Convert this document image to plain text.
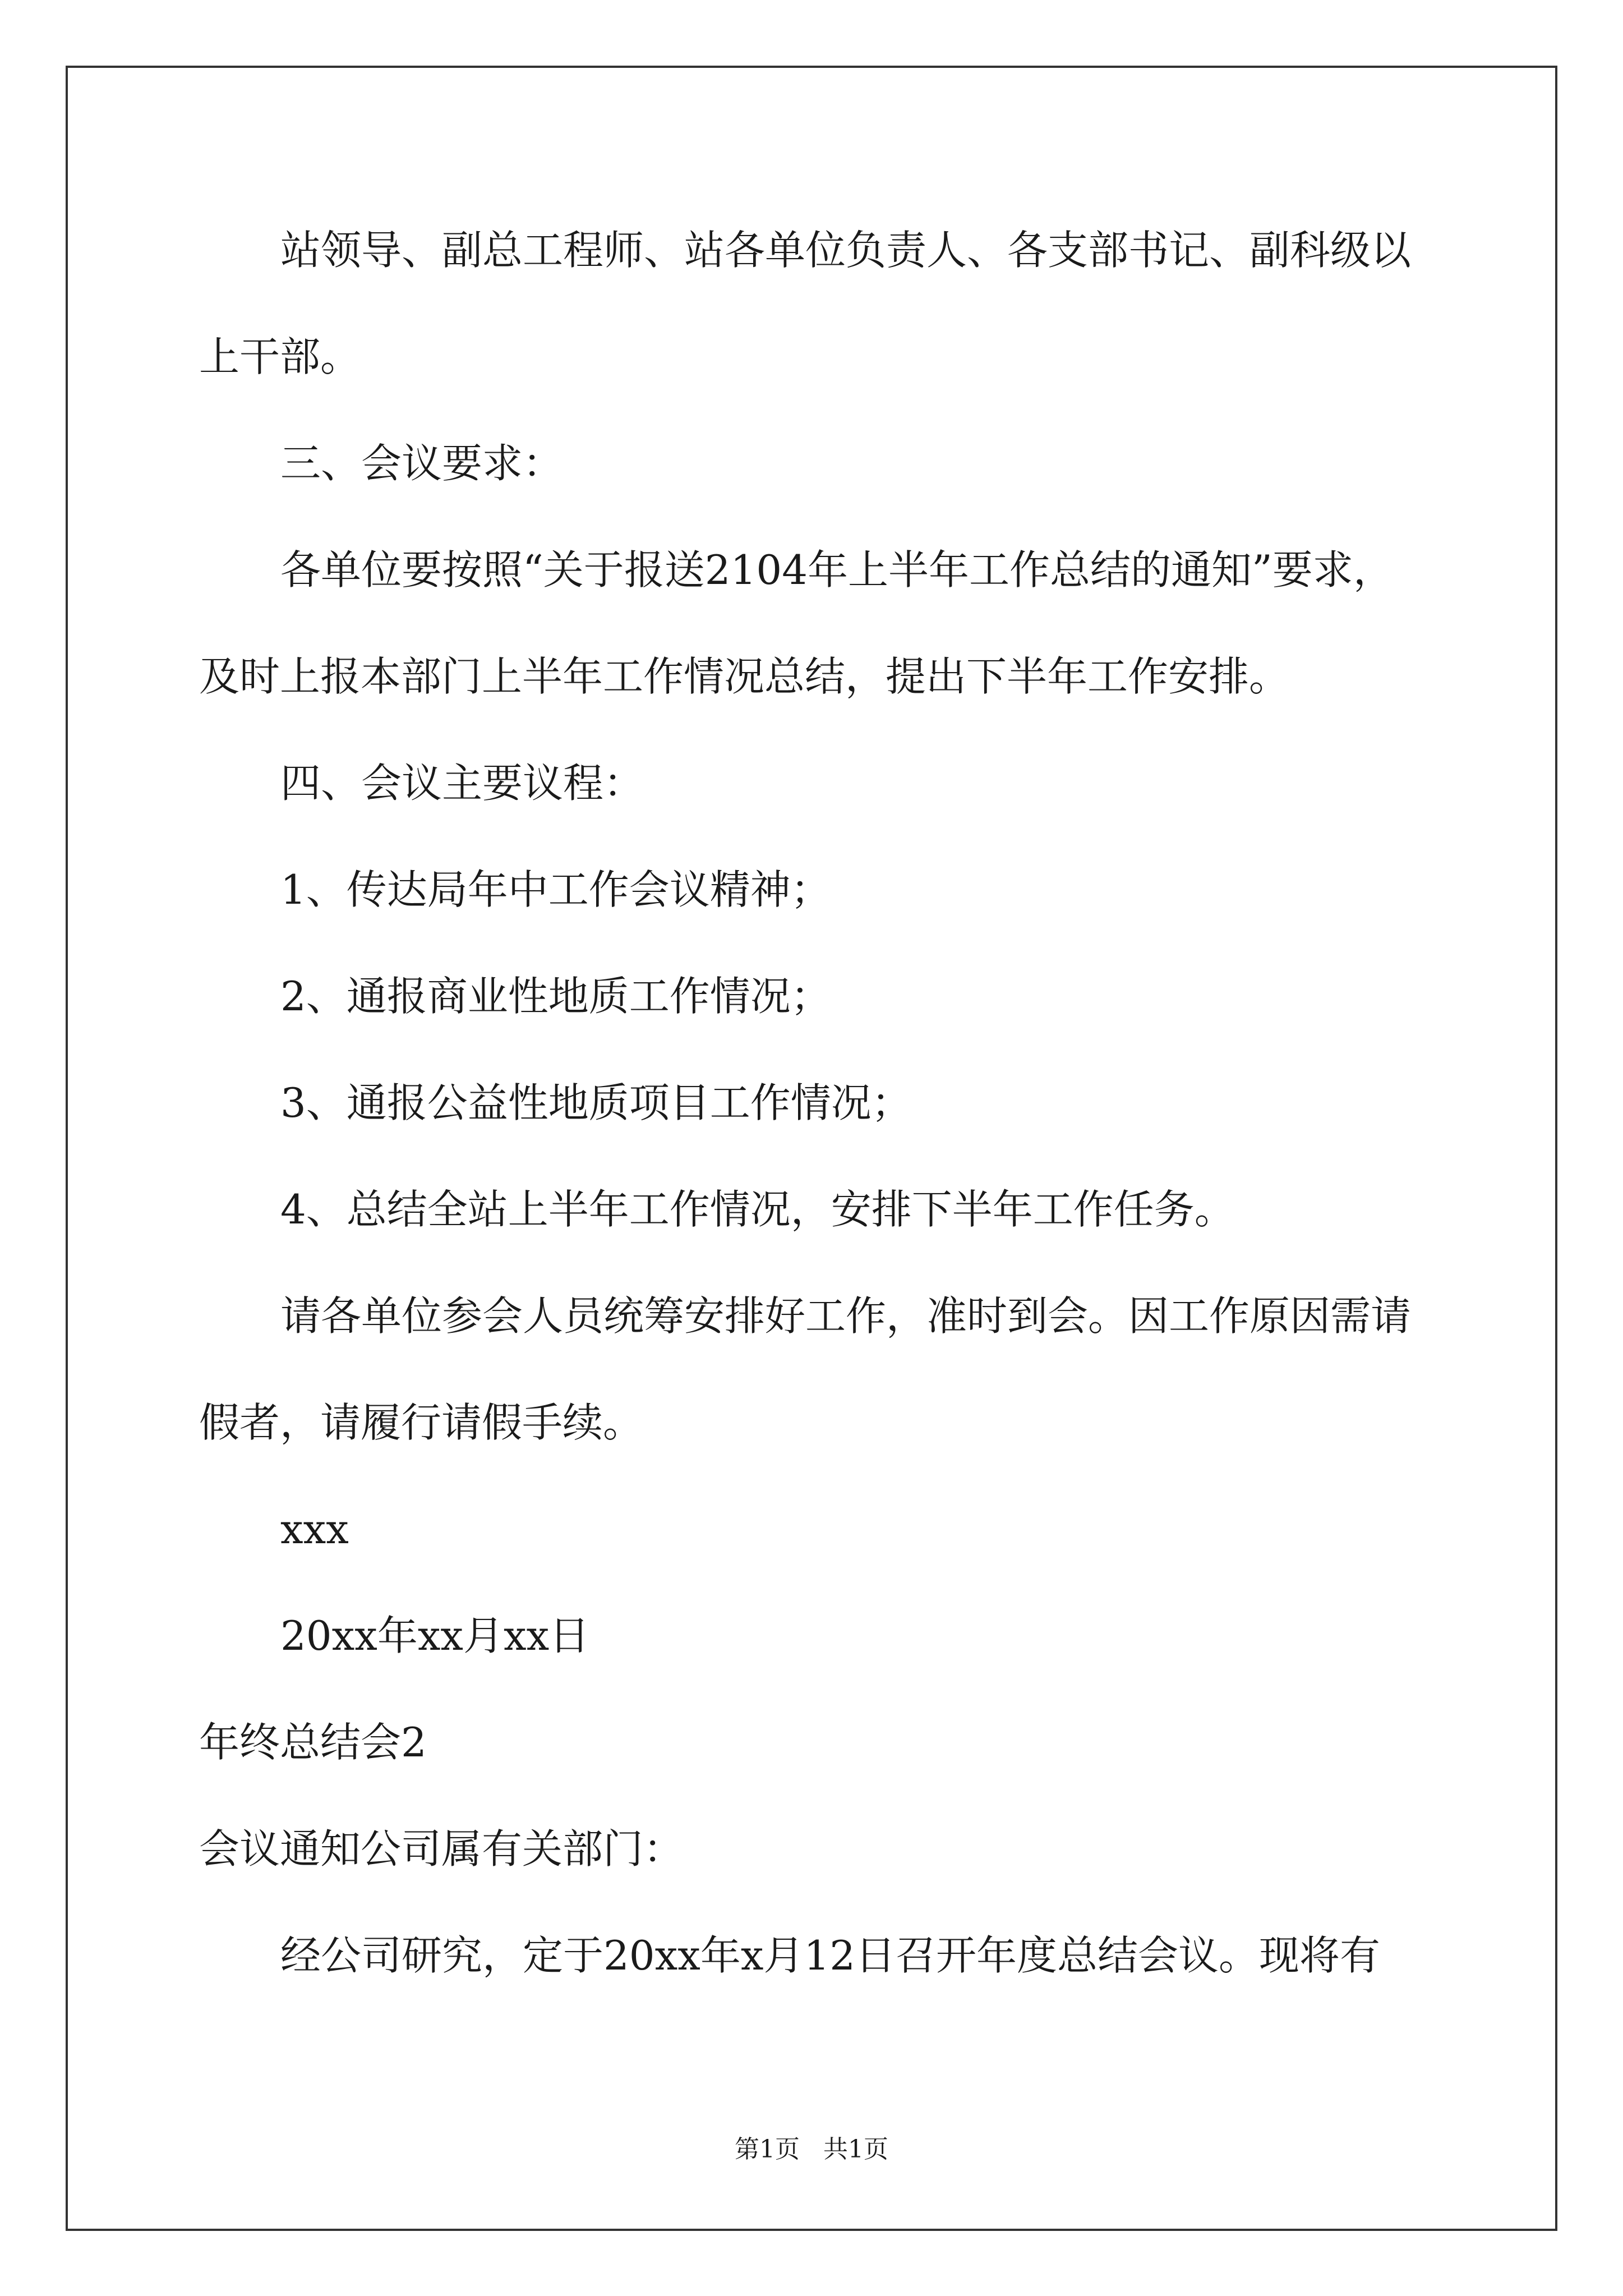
站领导、副总工程师、站各单位负责人、各支部书记、副科级以
上干部。
三、会议要求：
各单位要按照“关于报送2104年上半年工作总结的通知”要求，
及时上报本部门上半年工作情况总结，提出下半年工作安排。
四、会议主要议程：
1、传达局年中工作会议精神；
2、通报商业性地质工作情况；
3、通报公益性地质项目工作情况；
4、总结全站上半年工作情况，安排下半年工作任务。
请各单位参会人员统筹安排好工作，准时到会。因工作原因需请
假者，请履行请假手续。
xxx
20xx年xx月xx日
年终总结会2
会议通知公司属有关部门：
经公司研究，定于20xx年x月12日召开年度总结会议。现将有
第1页   共1页
